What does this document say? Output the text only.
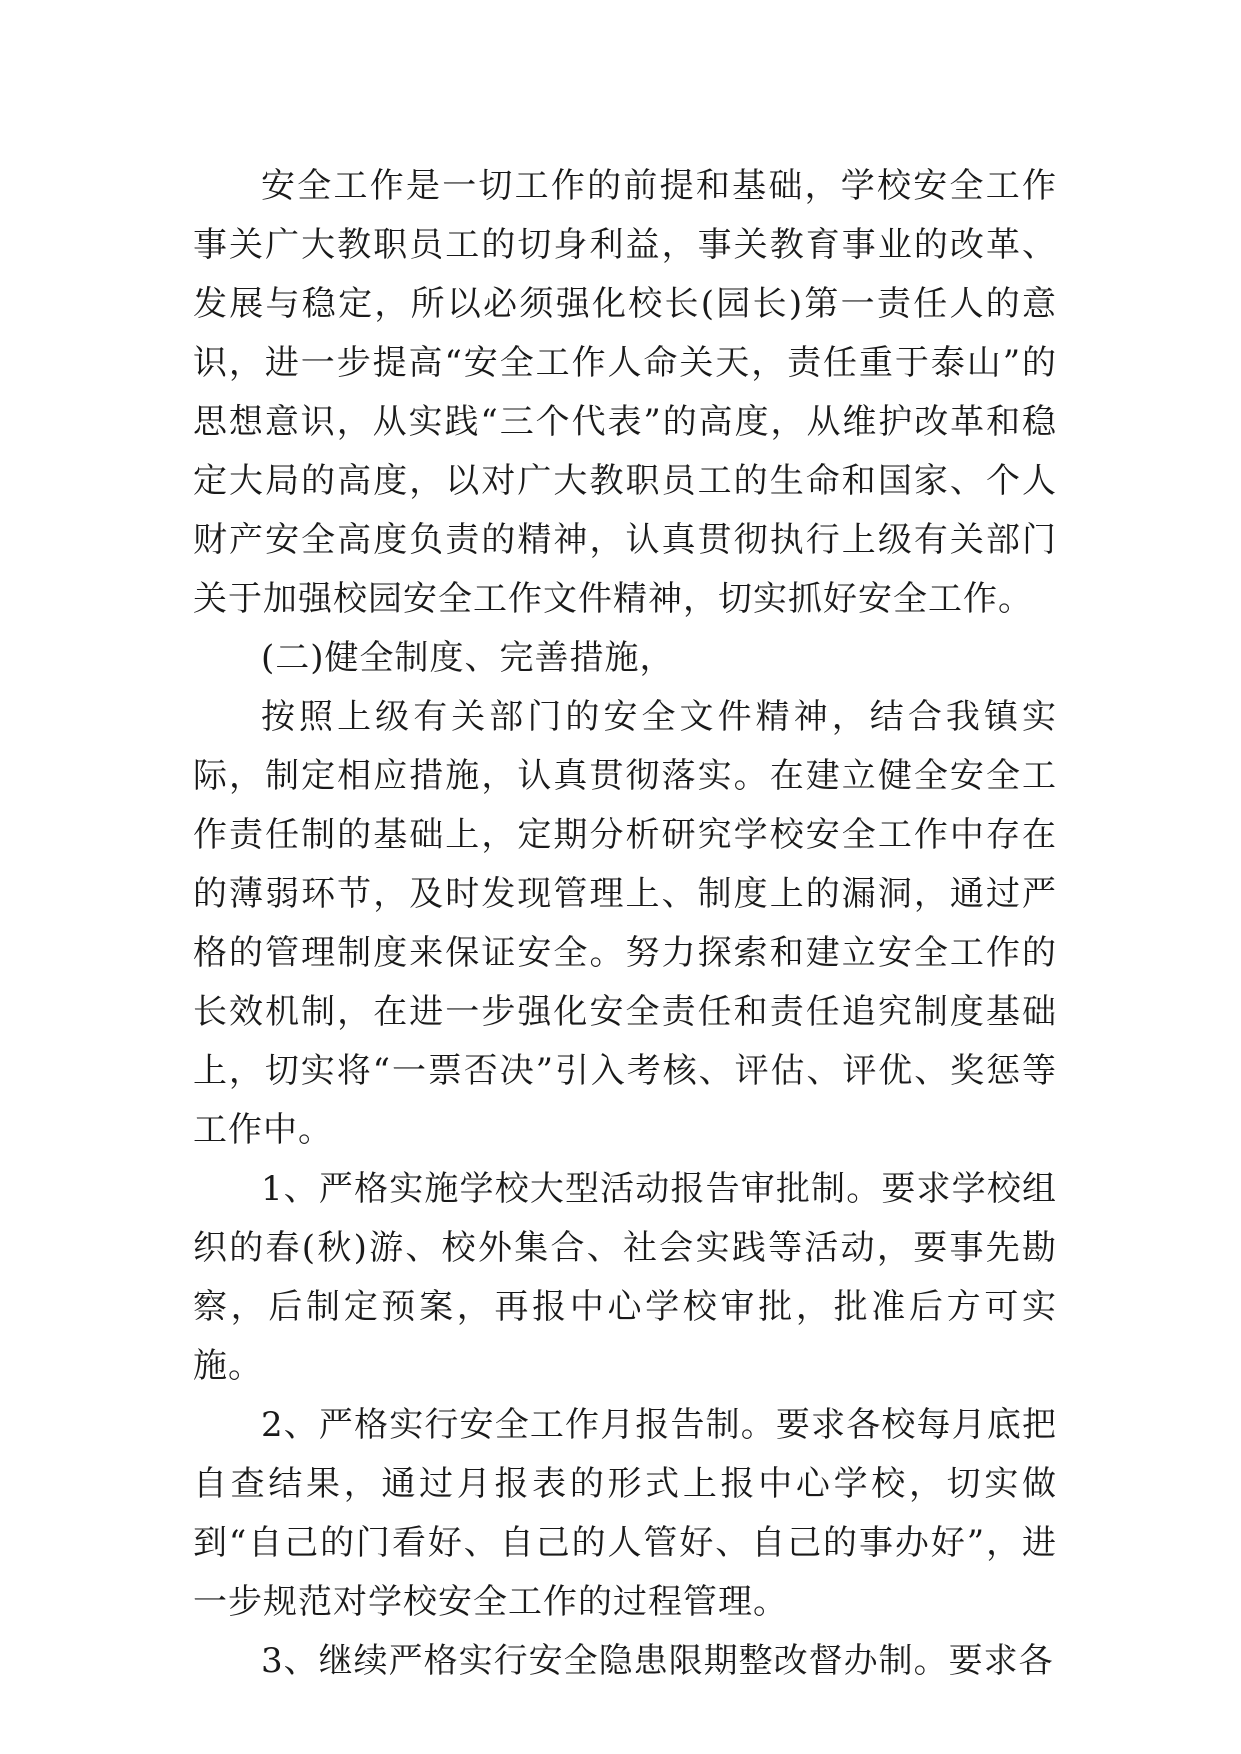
安全工作是一切工作的前提和基础，学校安全工作事关广大教职员工的切身利益，事关教育事业的改革、发展与稳定，所以必须强化校长(园长)第一责任人的意识，进一步提高“安全工作人命关天，责任重于泰山”的思想意识，从实践“三个代表”的高度，从维护改革和稳定大局的高度，以对广大教职员工的生命和国家、个人财产安全高度负责的精神，认真贯彻执行上级有关部门关于加强校园安全工作文件精神，切实抓好安全工作。

(二)健全制度、完善措施，

按照上级有关部门的安全文件精神，结合我镇实际，制定相应措施，认真贯彻落实。在建立健全安全工作责任制的基础上，定期分析研究学校安全工作中存在的薄弱环节，及时发现管理上、制度上的漏洞，通过严格的管理制度来保证安全。努力探索和建立安全工作的长效机制，在进一步强化安全责任和责任追究制度基础上，切实将“一票否决”引入考核、评估、评优、奖惩等工作中。

1、严格实施学校大型活动报告审批制。要求学校组织的春(秋)游、校外集合、社会实践等活动，要事先勘察，后制定预案，再报中心学校审批，批准后方可实施。

2、严格实行安全工作月报告制。要求各校每月底把自查结果，通过月报表的形式上报中心学校，切实做到“自己的门看好、自己的人管好、自己的事办好”，进一步规范对学校安全工作的过程管理。

3、继续严格实行安全隐患限期整改督办制。要求各
